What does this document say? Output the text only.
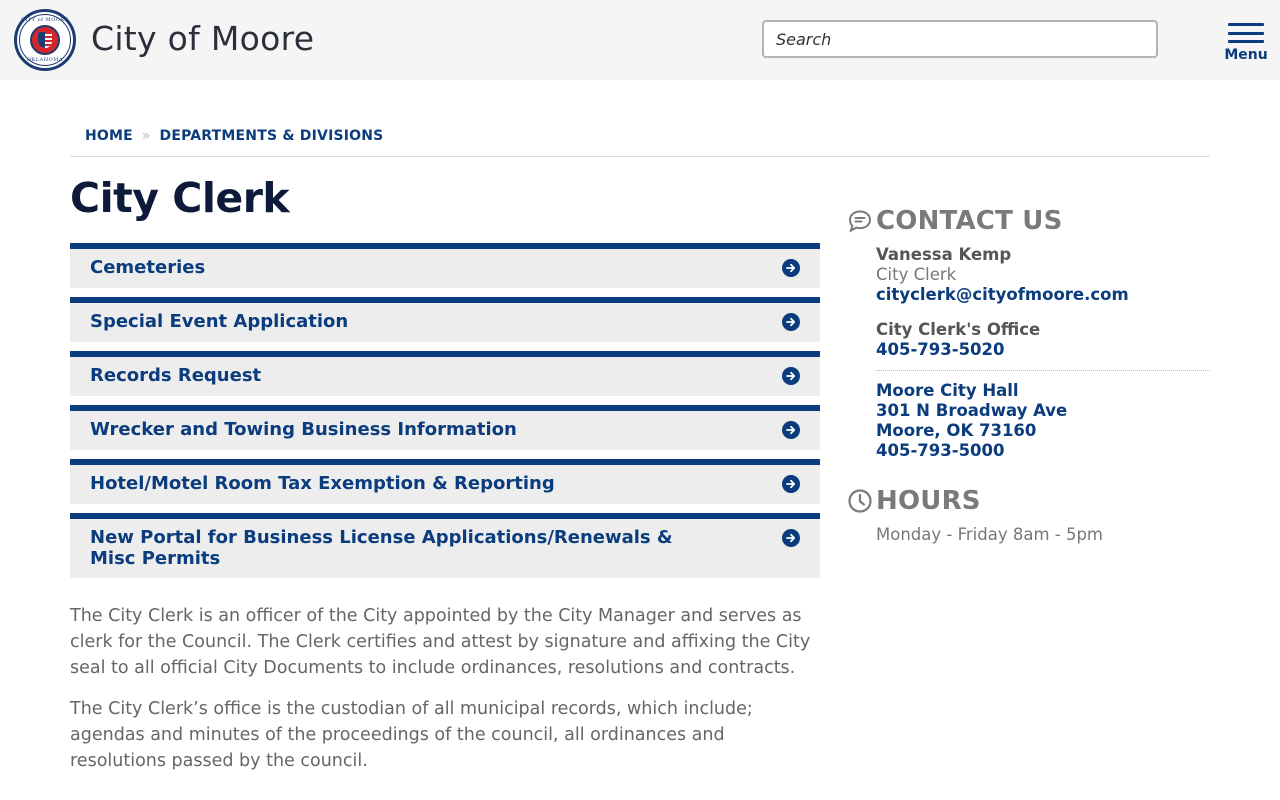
CITY of MOORE
OKLAHOMA
City of Moore
Search	Menu
HOME » DEPARTMENTS & DIVISIONS
City Clerk
Cemeteries
Special Event Application
Records Request
Wrecker and Towing Business Information
Hotel/Motel Room Tax Exemption & Reporting
New Portal for Business License Applications/Renewals & Misc Permits

The City Clerk is an officer of the City appointed by the City Manager and serves as clerk for the Council. The Clerk certifies and attest by signature and affixing the City seal to all official City Documents to include ordinances, resolutions and contracts.

The City Clerk’s office is the custodian of all municipal records, which include; agendas and minutes of the proceedings of the council, all ordinances and resolutions passed by the council.

CONTACT US
Vanessa Kemp
City Clerk
cityclerk@cityofmoore.com
City Clerk's Office
405-793-5020
Moore City Hall
301 N Broadway Ave
Moore, OK 73160
405-793-5000
HOURS
Monday - Friday 8am - 5pm
